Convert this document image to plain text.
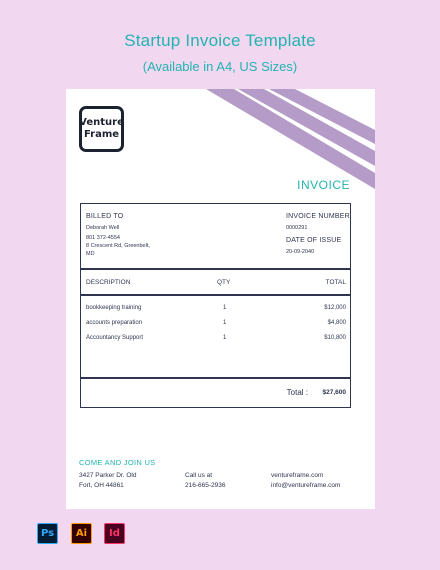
Startup Invoice Template
(Available in A4, US Sizes)
Venture
Frame
INVOICE
BILLED TO
Deborah Well
801 372-4554
8 Crescent Rd, Greenbelt,
MD
INVOICE NUMBER
0000291
DATE OF ISSUE
20-09-2040
DESCRIPTION	QTY	TOTAL
bookkeeping training	1	$12,000
accounts preparation	1	$4,800
Accountancy Support	1	$10,800
Total : $27,600
COME AND JOIN US
3427 Parker Dr. Old
Fort, OH 44861
Call us at
216-665-2936
ventureframe.com
info@ventureframe.com
Ps	Ai	Id
